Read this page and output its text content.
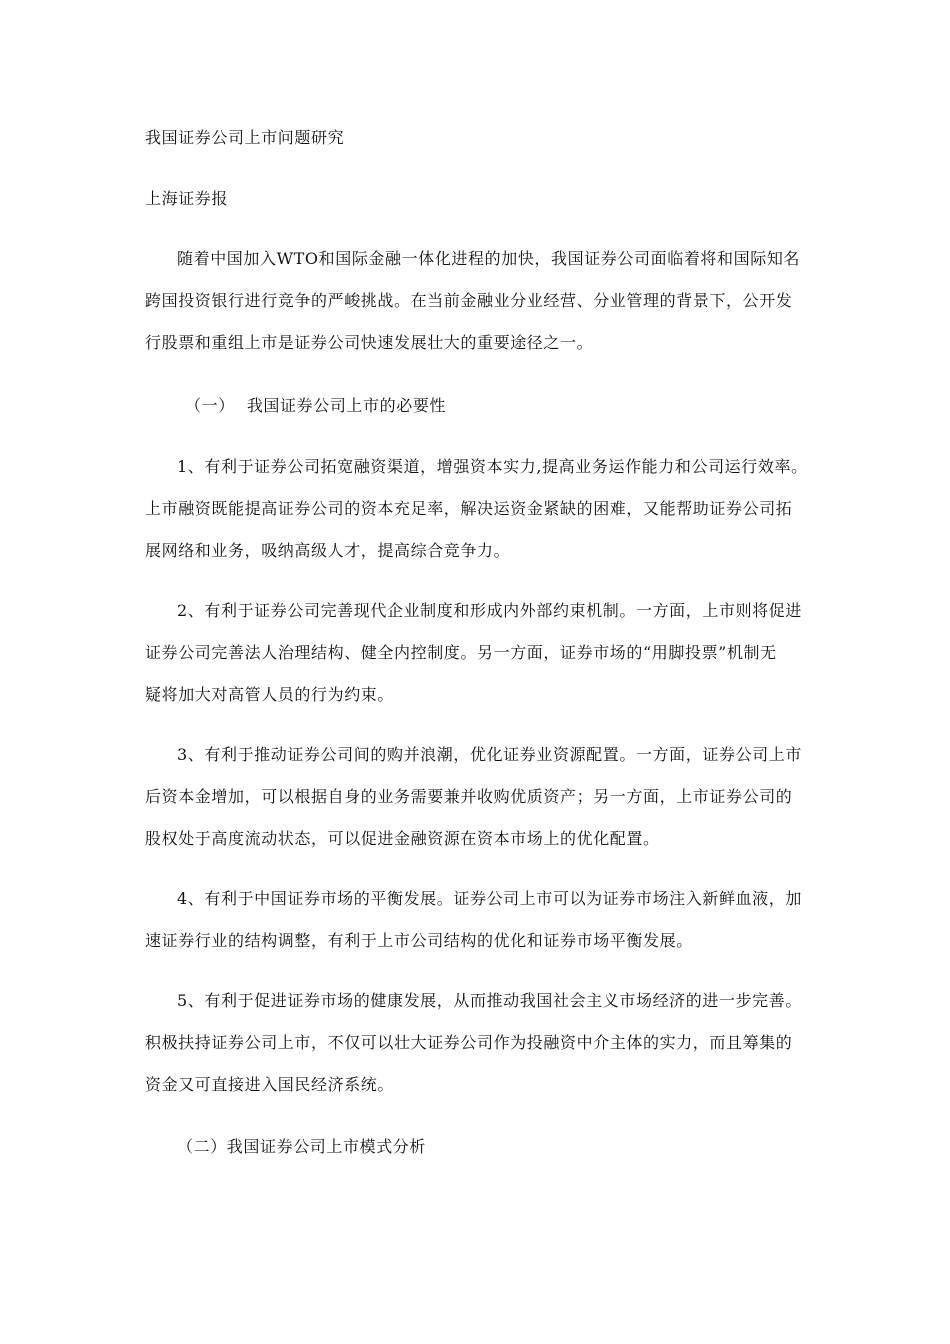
我国证券公司上市问题研究
上海证券报
随着中国加入WTO和国际金融一体化进程的加快，我国证券公司面临着将和国际知名
跨国投资银行进行竞争的严峻挑战。在当前金融业分业经营、分业管理的背景下，公开发
行股票和重组上市是证券公司快速发展壮大的重要途径之一。
（一） 我国证券公司上市的必要性
1、有利于证券公司拓宽融资渠道，增强资本实力,提高业务运作能力和公司运行效率。
上市融资既能提高证券公司的资本充足率，解决运资金紧缺的困难，又能帮助证券公司拓
展网络和业务，吸纳高级人才，提高综合竞争力。
2、有利于证券公司完善现代企业制度和形成内外部约束机制。一方面，上市则将促进
证券公司完善法人治理结构、健全内控制度。另一方面，证券市场的“用脚投票”机制无
疑将加大对高管人员的行为约束。
3、有利于推动证券公司间的购并浪潮，优化证券业资源配置。一方面，证券公司上市
后资本金增加，可以根据自身的业务需要兼并收购优质资产；另一方面，上市证券公司的
股权处于高度流动状态，可以促进金融资源在资本市场上的优化配置。
4、有利于中国证券市场的平衡发展。证券公司上市可以为证券市场注入新鲜血液，加
速证券行业的结构调整，有利于上市公司结构的优化和证券市场平衡发展。
5、有利于促进证券市场的健康发展，从而推动我国社会主义市场经济的进一步完善。
积极扶持证券公司上市，不仅可以壮大证券公司作为投融资中介主体的实力，而且筹集的
资金又可直接进入国民经济系统。
（二）我国证券公司上市模式分析
